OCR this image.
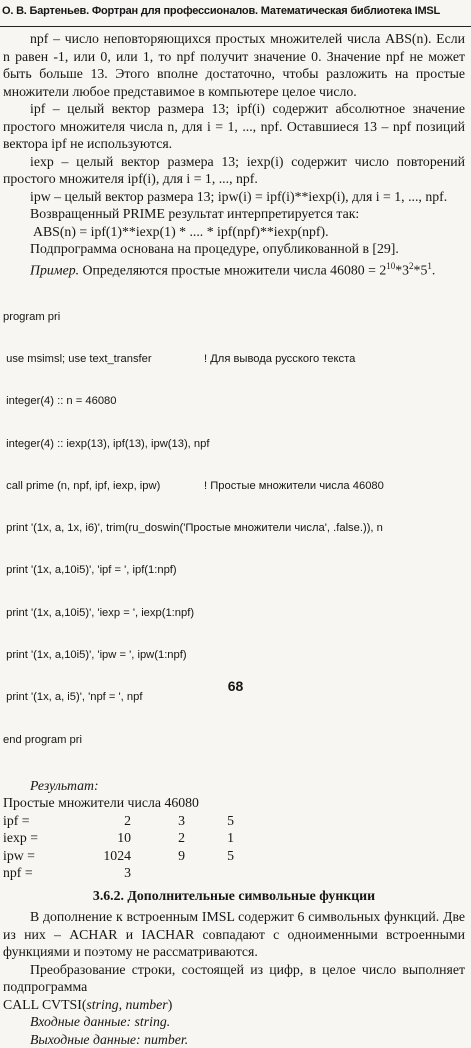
О. В. Бартеньев. Фортран для профессионалов. Математическая библиотека IMSL

npf – число неповторяющихся простых множителей числа ABS(n). Если n равен -1, или 0, или 1, то npf получит значение 0. Значение npf не может быть больше 13. Этого вполне достаточно, чтобы разложить на простые множители любое представимое в компьютере целое число.

ipf – целый вектор размера 13; ipf(i) содержит абсолютное значение простого множителя числа n, для i = 1, ..., npf. Оставшиеся 13 – npf позиций вектора ipf не используются.

iexp – целый вектор размера 13; iexp(i) содержит число повторений простого множителя ipf(i), для i = 1, ..., npf.

ipw – целый вектор размера 13; ipw(i) = ipf(i)**iexp(i), для i = 1, ..., npf.

Возвращенный PRIME результат интерпретируется так:

ABS(n) = ipf(1)**iexp(1) * .... * ipf(npf)**iexp(npf).

Подпрограмма основана на процедуре, опубликованной в [29].

Пример. Определяются простые множители числа $46080 = 2^{10}*3^2*5^1$.

program pri

use msimsl; use text_transfer	! Для вывода русского текста

integer(4) :: n = 46080

integer(4) :: iexp(13), ipf(13), ipw(13), npf

call prime (n, npf, ipf, iexp, ipw)	! Простые множители числа 46080

print '(1x, a, 1x, i6)', trim(ru_doswin('Простые множители числа', .false.)), n

print '(1x, a,10i5)', 'ipf = ', ipf(1:npf)

print '(1x, a,10i5)', 'iexp = ', iexp(1:npf)

print '(1x, a,10i5)', 'ipw = ', ipw(1:npf)

print '(1x, a, i5)', 'npf = ', npf

end program pri

Результат:
Простые множители числа 46080
ipf =	2	3	5
iexp =	10	2	1
ipw =	1024	9	5
npf =	3		
3.6.2. Дополнительные символьные функции

В дополнение к встроенным IMSL содержит 6 символьных функций. Две из них – ACHAR и IACHAR совпадают с одноименными встроенными функциями и поэтому не рассматриваются.

Преобразование строки, состоящей из цифр, в целое число выполняет подпрограмма

CALL CVTSI(string, number)

Входные данные: string.

Выходные данные: number.

68
